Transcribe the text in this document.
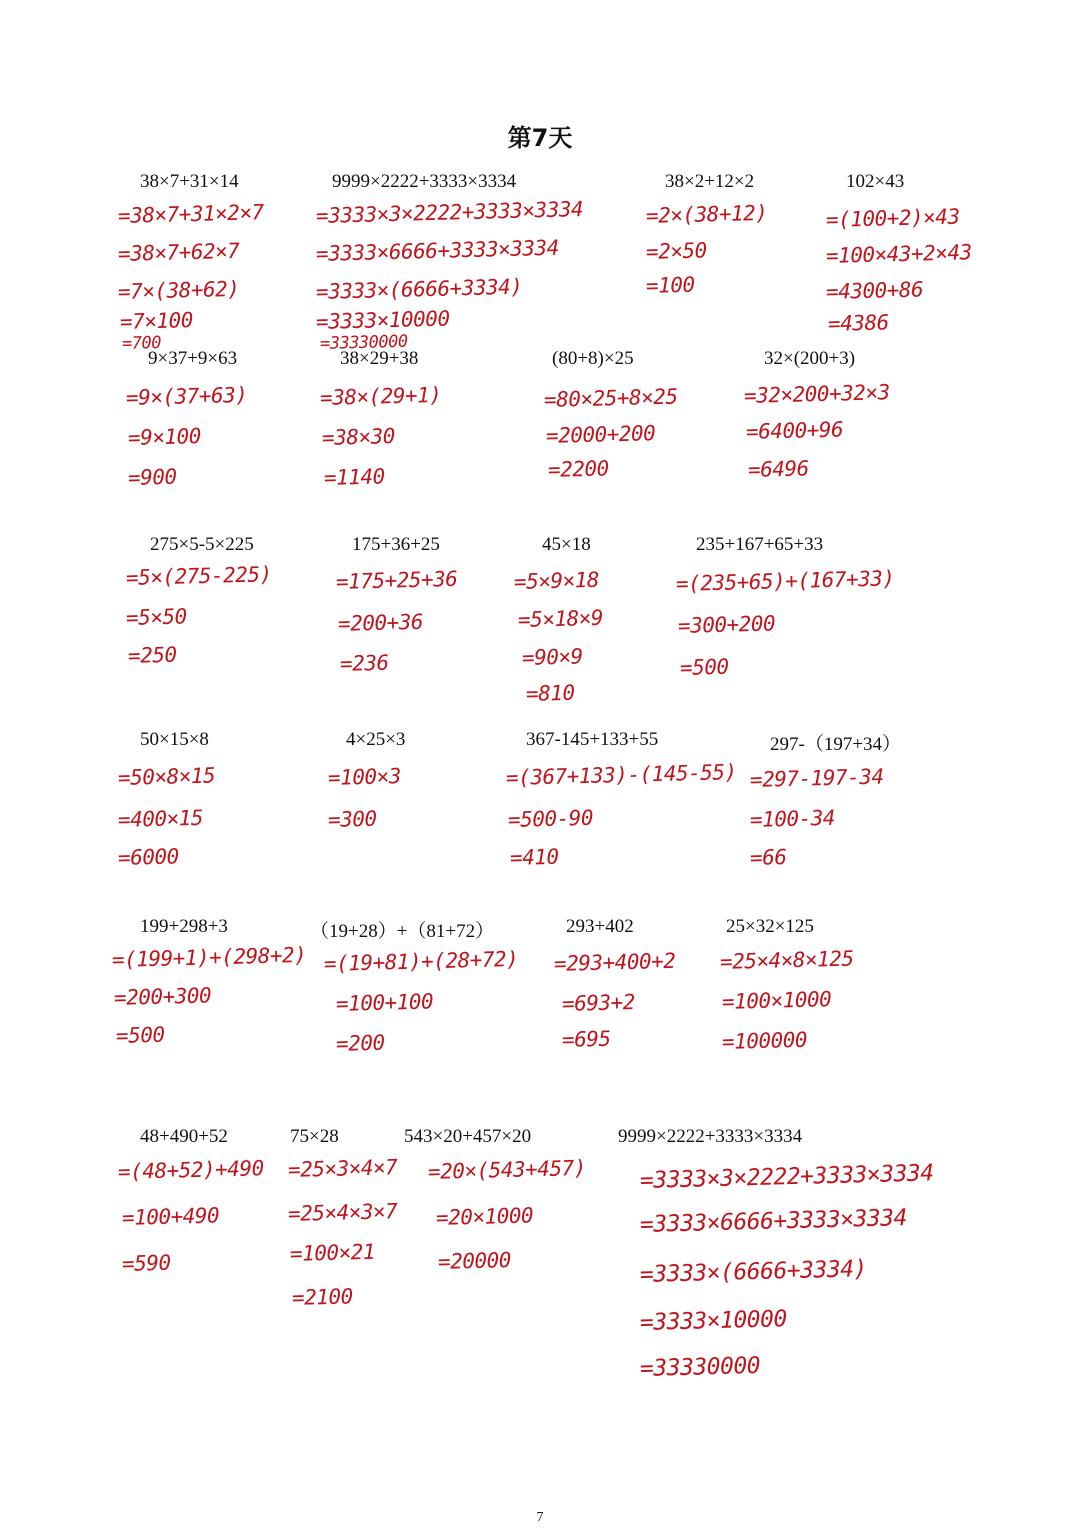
第7天
38×7+31×14
=38×7+31×2×7
=38×7+62×7
=7×(38+62)
=7×100
=700
9999×2222+3333×3334
=3333×3×2222+3333×3334
=3333×6666+3333×3334
=3333×(6666+3334)
=3333×10000
=33330000
38×2+12×2
=2×(38+12)
=2×50
=100
102×43
=(100+2)×43
=100×43+2×43
=4300+86
=4386
9×37+9×63
=9×(37+63)
=9×100
=900
38×29+38
=38×(29+1)
=38×30
=1140
(80+8)×25
=80×25+8×25
=2000+200
=2200
32×(200+3)
=32×200+32×3
=6400+96
=6496
275×5-5×225
=5×(275-225)
=5×50
=250
175+36+25
=175+25+36
=200+36
=236
45×18
=5×9×18
=5×18×9
=90×9
=810
235+167+65+33
=(235+65)+(167+33)
=300+200
=500
50×15×8
=50×8×15
=400×15
=6000
4×25×3
=100×3
=300
367-145+133+55
=(367+133)-(145-55)
=500-90
=410
297-（197+34）
=297-197-34
=100-34
=66
199+298+3
=(199+1)+(298+2)
=200+300
=500
（19+28）+（81+72）
=(19+81)+(28+72)
=100+100
=200
293+402
=293+400+2
=693+2
=695
25×32×125
=25×4×8×125
=100×1000
=100000
48+490+52
=(48+52)+490
=100+490
=590
75×28
=25×3×4×7
=25×4×3×7
=100×21
=2100
543×20+457×20
=20×(543+457)
=20×1000
=20000
9999×2222+3333×3334
=3333×3×2222+3333×3334
=3333×6666+3333×3334
=3333×(6666+3334)
=3333×10000
=33330000
7
